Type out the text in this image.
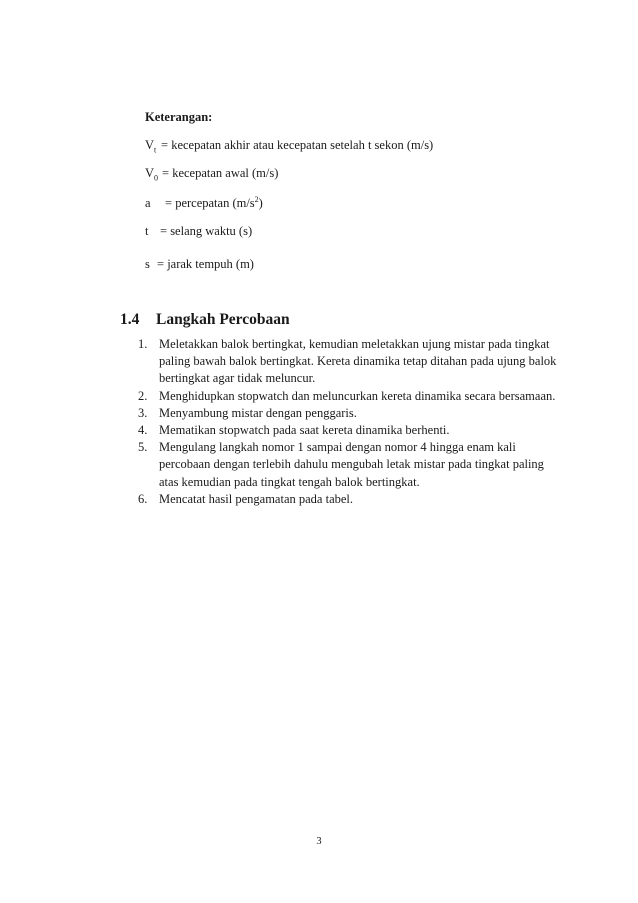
Keterangan:
$V_t$ = kecepatan akhir atau kecepatan setelah t sekon (m/s)
$V_0$ = kecepatan awal (m/s)
a = percepatan $(m/s^2)$
t = selang waktu (s)
s = jarak tempuh (m)
1.4 Langkah Percobaan
1. Meletakkan balok bertingkat, kemudian meletakkan ujung mistar pada tingkat paling bawah balok bertingkat. Kereta dinamika tetap ditahan pada ujung balok bertingkat agar tidak meluncur.
2. Menghidupkan stopwatch dan meluncurkan kereta dinamika secara bersamaan.
3. Menyambung mistar dengan penggaris.
4. Mematikan stopwatch pada saat kereta dinamika berhenti.
5. Mengulang langkah nomor 1 sampai dengan nomor 4 hingga enam kali percobaan dengan terlebih dahulu mengubah letak mistar pada tingkat paling atas kemudian pada tingkat tengah balok bertingkat.
6. Mencatat hasil pengamatan pada tabel.
3
